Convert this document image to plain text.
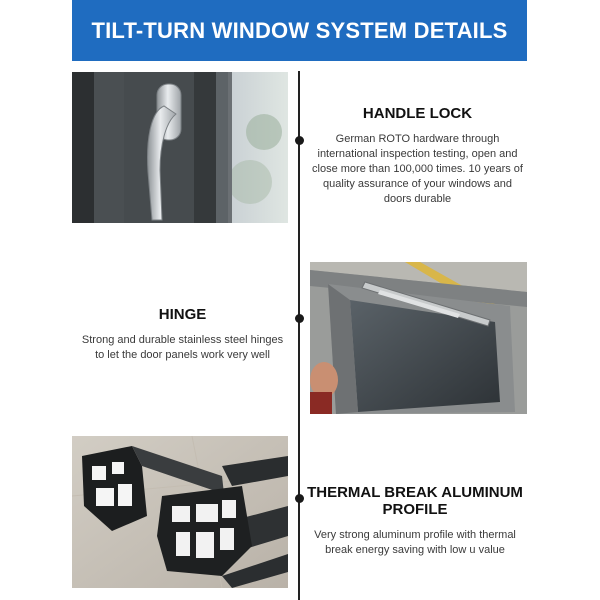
TILT-TURN WINDOW SYSTEM DETAILS
HANDLE LOCK
German ROTO hardware through international inspection testing, open and close more than 100,000 times. 10 years of quality assurance of your windows and doors durable
HINGE
Strong and durable stainless steel hinges to let the door panels work very well
THERMAL BREAK ALUMINUM PROFILE
Very strong aluminum profile with thermal break energy saving with low u value
